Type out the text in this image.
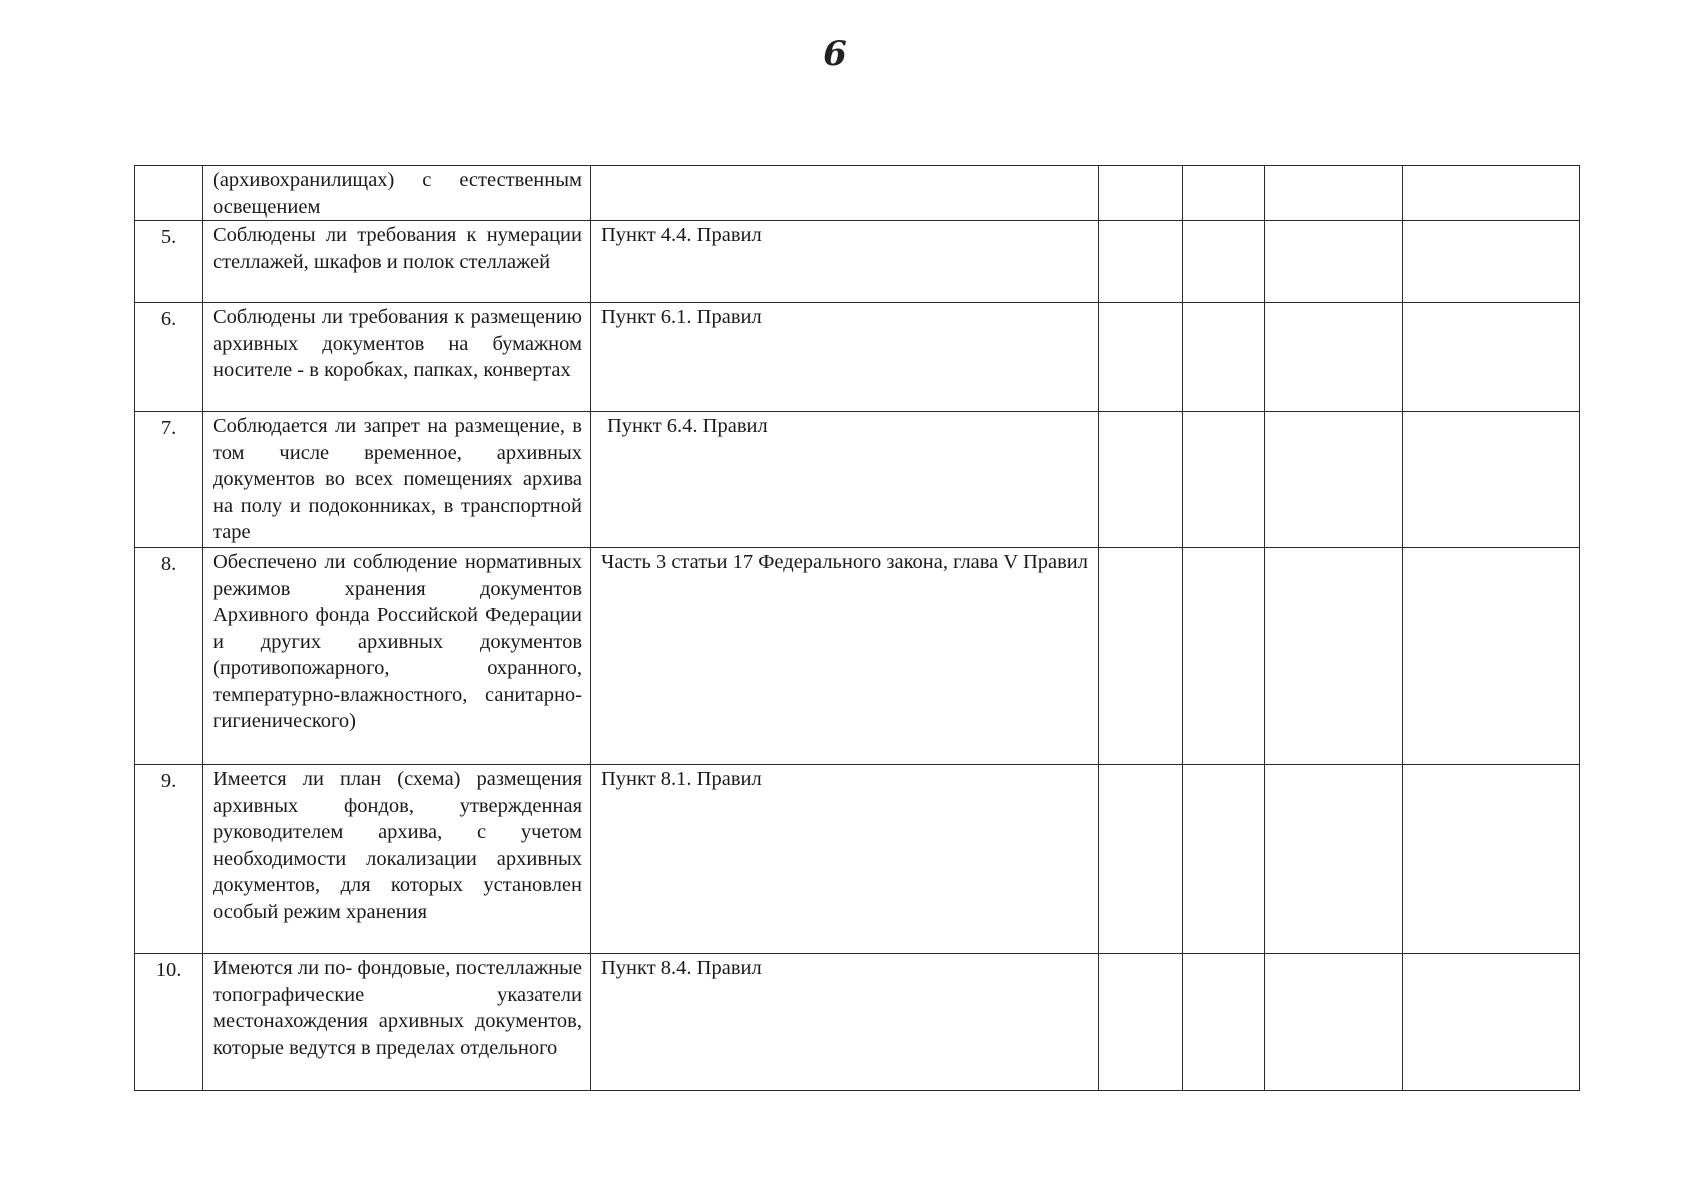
6
	(архивохранилищах) с естественным освещением					
5.	Соблюдены ли требования к нумерации стеллажей, шкафов и полок стеллажей	Пункт 4.4. Правил				
6.	Соблюдены ли требования к размещению архивных документов на бумажном носителе - в коробках, папках, конвертах	Пункт 6.1. Правил				
7.	Соблюдается ли запрет на размещение, в том числе временное, архивных документов во всех помещениях архива на полу и подоконниках, в транспортной таре	Пункт 6.4. Правил				
8.	Обеспечено ли соблюдение нормативных режимов хранения документов Архивного фонда Российской Федерации и других архивных документов (противопожарного, охранного, температурно-влажностного, санитарно-гигиенического)	Часть 3 статьи 17 Федерального закона, глава V Правил				
9.	Имеется ли план (схема) размещения архивных фондов, утвержденная руководителем архива, с учетом необходимости локализации архивных документов, для которых установлен особый режим хранения	Пункт 8.1. Правил				
10.	Имеются ли по- фондовые, постеллажные топографические указатели местонахождения архивных документов, которые ведутся в пределах отдельного	Пункт 8.4. Правил				
